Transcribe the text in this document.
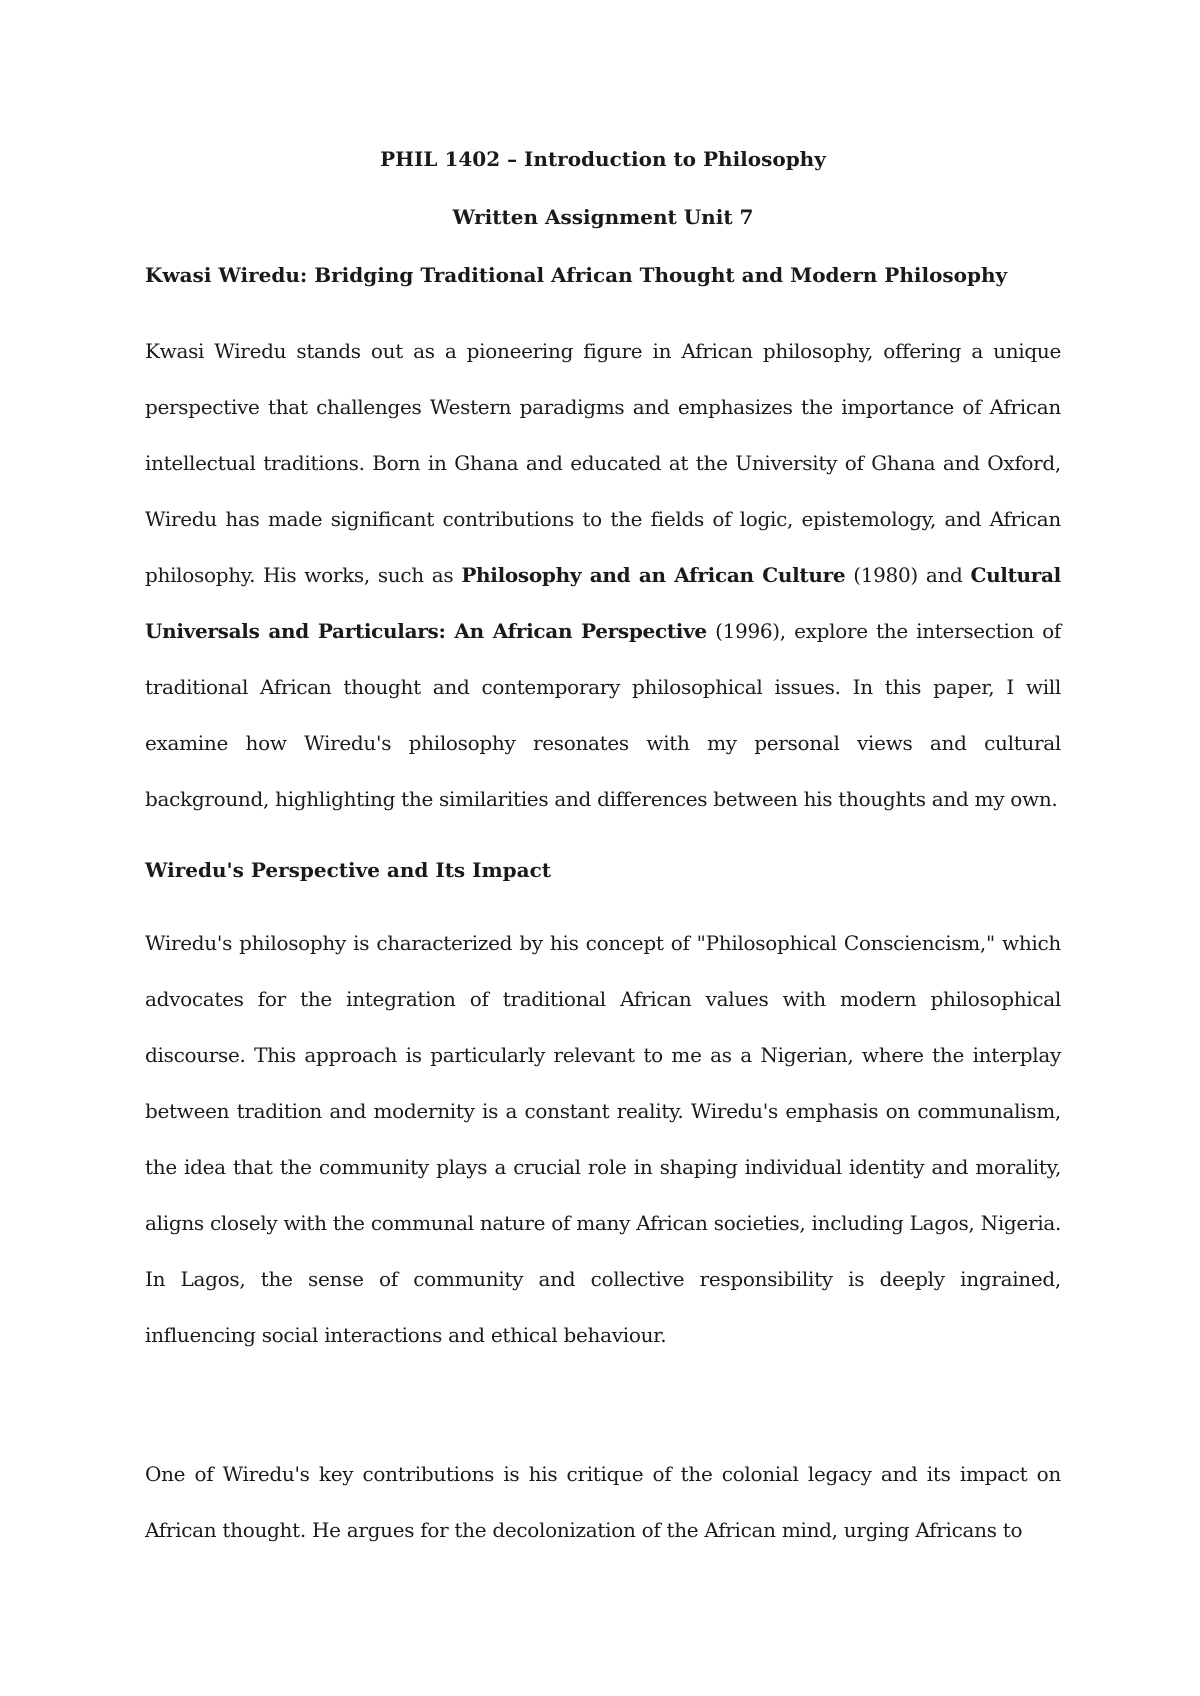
PHIL 1402 – Introduction to Philosophy
Written Assignment Unit 7
Kwasi Wiredu: Bridging Traditional African Thought and Modern Philosophy

Kwasi Wiredu stands out as a pioneering figure in African philosophy, offering a unique perspective that challenges Western paradigms and emphasizes the importance of African intellectual traditions. Born in Ghana and educated at the University of Ghana and Oxford, Wiredu has made significant contributions to the fields of logic, epistemology, and African philosophy. His works, such as Philosophy and an African Culture (1980) and Cultural Universals and Particulars: An African Perspective (1996), explore the intersection of traditional African thought and contemporary philosophical issues. In this paper, I will examine how Wiredu's philosophy resonates with my personal views and cultural background, highlighting the similarities and differences between his thoughts and my own.

Wiredu's Perspective and Its Impact

Wiredu's philosophy is characterized by his concept of "Philosophical Consciencism," which advocates for the integration of traditional African values with modern philosophical discourse. This approach is particularly relevant to me as a Nigerian, where the interplay between tradition and modernity is a constant reality. Wiredu's emphasis on communalism, the idea that the community plays a crucial role in shaping individual identity and morality, aligns closely with the communal nature of many African societies, including Lagos, Nigeria. In Lagos, the sense of community and collective responsibility is deeply ingrained, influencing social interactions and ethical behaviour.

One of Wiredu's key contributions is his critique of the colonial legacy and its impact on African thought. He argues for the decolonization of the African mind, urging Africans to
